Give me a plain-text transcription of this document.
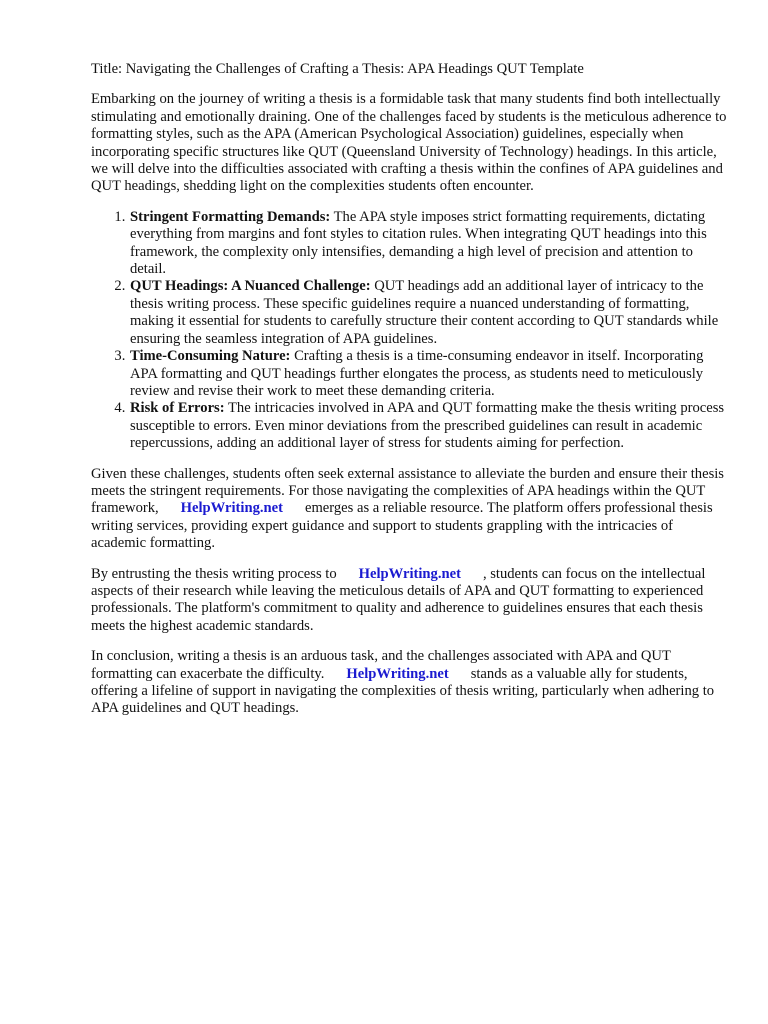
Title: Navigating the Challenges of Crafting a Thesis: APA Headings QUT Template

Embarking on the journey of writing a thesis is a formidable task that many students find both intellectually stimulating and emotionally draining. One of the challenges faced by students is the meticulous adherence to formatting styles, such as the APA (American Psychological Association) guidelines, especially when incorporating specific structures like QUT (Queensland University of Technology) headings. In this article, we will delve into the difficulties associated with crafting a thesis within the confines of APA guidelines and QUT headings, shedding light on the complexities students often encounter.

1. Stringent Formatting Demands: The APA style imposes strict formatting requirements, dictating everything from margins and font styles to citation rules. When integrating QUT headings into this framework, the complexity only intensifies, demanding a high level of precision and attention to detail.
2. QUT Headings: A Nuanced Challenge: QUT headings add an additional layer of intricacy to the thesis writing process. These specific guidelines require a nuanced understanding of formatting, making it essential for students to carefully structure their content according to QUT standards while ensuring the seamless integration of APA guidelines.
3. Time-Consuming Nature: Crafting a thesis is a time-consuming endeavor in itself. Incorporating APA formatting and QUT headings further elongates the process, as students need to meticulously review and revise their work to meet these demanding criteria.
4. Risk of Errors: The intricacies involved in APA and QUT formatting make the thesis writing process susceptible to errors. Even minor deviations from the prescribed guidelines can result in academic repercussions, adding an additional layer of stress for students aiming for perfection.

Given these challenges, students often seek external assistance to alleviate the burden and ensure their thesis meets the stringent requirements. For those navigating the complexities of APA headings within the QUT framework, HelpWriting.net emerges as a reliable resource. The platform offers professional thesis writing services, providing expert guidance and support to students grappling with the intricacies of academic formatting.

By entrusting the thesis writing process to HelpWriting.net , students can focus on the intellectual aspects of their research while leaving the meticulous details of APA and QUT formatting to experienced professionals. The platform's commitment to quality and adherence to guidelines ensures that each thesis meets the highest academic standards.

In conclusion, writing a thesis is an arduous task, and the challenges associated with APA and QUT formatting can exacerbate the difficulty. HelpWriting.net stands as a valuable ally for students, offering a lifeline of support in navigating the complexities of thesis writing, particularly when adhering to APA guidelines and QUT headings.
